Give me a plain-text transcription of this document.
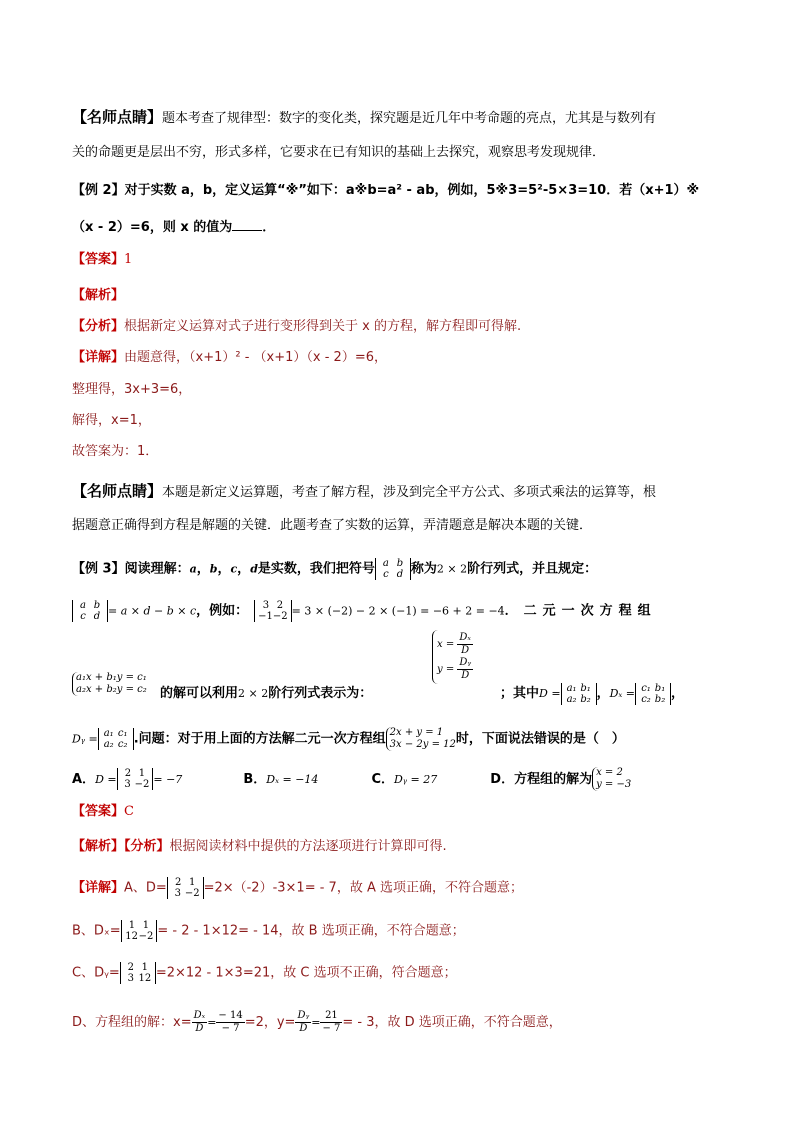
【名师点睛】题本考查了规律型：数字的变化类，探究题是近几年中考命题的亮点，尤其是与数列有
关的命题更是层出不穷，形式多样，它要求在已有知识的基础上去探究，观察思考发现规律．
【例 2】对于实数 a，b，定义运算“※”如下：a※b=a² - ab，例如，5※3=5²-5×3=10．若（x+1）※
（x - 2）=6，则 x 的值为 ．
【答案】1
【解析】
【分析】根据新定义运算对式子进行变形得到关于 x 的方程，解方程即可得解.
【详解】由题意得，（x+1）² - （x+1）（x - 2）=6，
整理得，3x+3=6，
解得，x=1，
故答案为：1．
【名师点睛】本题是新定义运算题，考查了解方程，涉及到完全平方公式、多项式乘法的运算等，根
据题意正确得到方程是解题的关键．此题考查了实数的运算，弄清题意是解决本题的关键．
【例 3】阅读理解：a，b，c，d是实数，我们把符号 a b
c d 称为2 × 2阶行列式，并且规定：
a b
c d = a × d − b × c，例如： 3 2
−1−2 = 3 × (−2) − 2 × (−1) = −6 + 2 = −4．二元一次方程组
a₁x + b₁y = c₁
a₂x + b₂y = c₂ 的解可以利用2 × 2阶行列式表示为：
$x = \frac{\text{Dₓ}}{D}$

$y = \frac{\text{Dᵧ}}{D}$
；其中D = a₁ b₁
a₂ b₂ ，Dₓ = c₁ b₁
c₂ b₂ ，
Dᵧ = a₁ c₁
a₂ c₂ .问题：对于用上面的方法解二元一次方程组 2x + y = 1
3x − 2y = 12时，下面说法错误的是（　）
A．D = 2 1
3 −2 = −7	B．Dₓ = −14	C．Dᵧ = 27	D．方程组的解为 x = 2
y = −3
【答案】C
【解析】【分析】根据阅读材料中提供的方法逐项进行计算即可得.
【详解】A、D= 2 1
3 −2 =2×（-2）-3×1= - 7，故 A 选项正确，不符合题意；
B、Dₓ= 1 1
12−2 = - 2 - 1×12= - 14，故 B 选项正确，不符合题意；
C、Dᵧ= 2 1
3 12 =2×12 - 1×3=21，故 C 选项不正确，符合题意；
D、方程组的解：$x= \frac{\text{Dₓ}}{D} = \frac{- 14}{- 7} =2$，$y= \frac{\text{Dᵧ}}{D} = \frac{21}{- 7}$ = - 3，故 D 选项正确，不符合题意，
